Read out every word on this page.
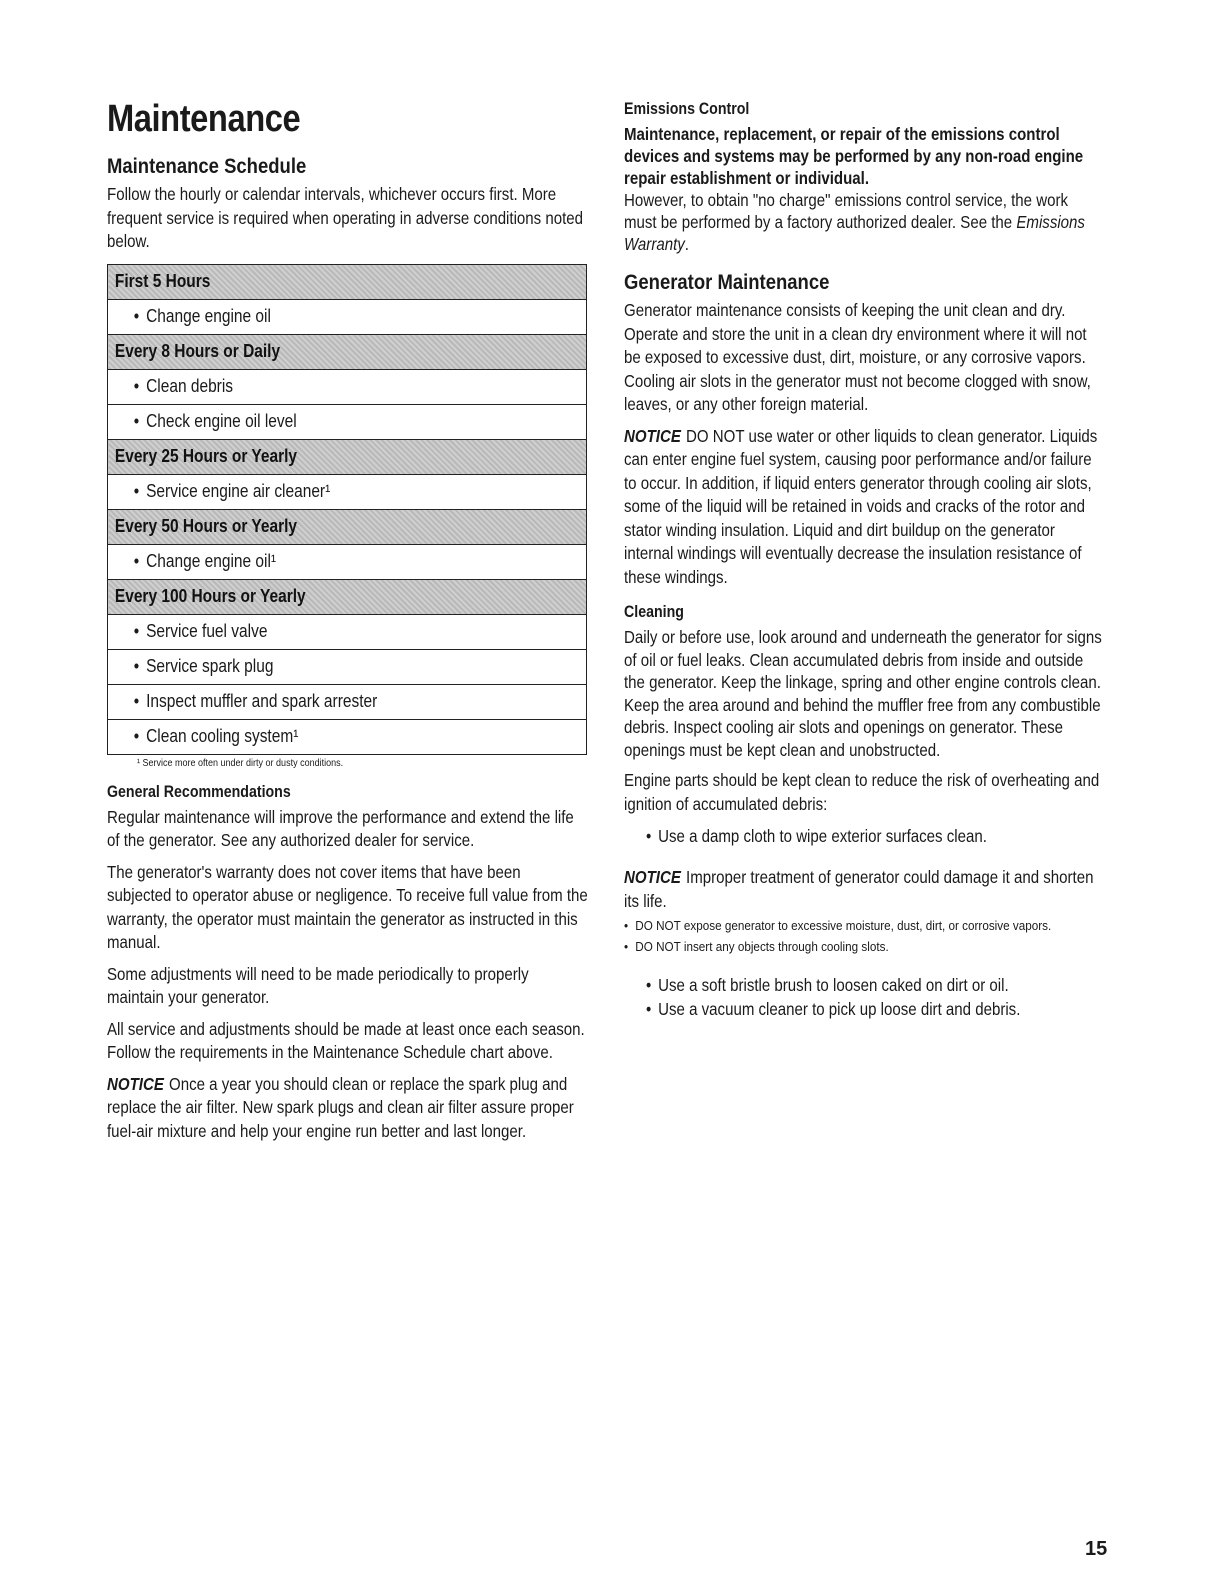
Maintenance
Maintenance Schedule

Follow the hourly or calendar intervals, whichever occurs first. More frequent service is required when operating in adverse conditions noted below.

First 5 Hours
• Change engine oil
Every 8 Hours or Daily
• Clean debris
• Check engine oil level
Every 25 Hours or Yearly
• Service engine air cleaner¹
Every 50 Hours or Yearly
• Change engine oil¹
Every 100 Hours or Yearly
• Service fuel valve
• Service spark plug
• Inspect muffler and spark arrester
• Clean cooling system¹
¹ Service more often under dirty or dusty conditions.
General Recommendations

Regular maintenance will improve the performance and extend the life of the generator. See any authorized dealer for service.

The generator's warranty does not cover items that have been subjected to operator abuse or negligence. To receive full value from the warranty, the operator must maintain the generator as instructed in this manual.

Some adjustments will need to be made periodically to properly maintain your generator.

All service and adjustments should be made at least once each season. Follow the requirements in the Maintenance Schedule chart above.

NOTICE Once a year you should clean or replace the spark plug and replace the air filter. New spark plugs and clean air filter assure proper fuel-air mixture and help your engine run better and last longer.

Emissions Control

Maintenance, replacement, or repair of the emissions control devices and systems may be performed by any non-road engine repair establishment or individual.

However, to obtain "no charge" emissions control service, the work must be performed by a factory authorized dealer. See the Emissions Warranty.

Generator Maintenance

Generator maintenance consists of keeping the unit clean and dry. Operate and store the unit in a clean dry environment where it will not be exposed to excessive dust, dirt, moisture, or any corrosive vapors. Cooling air slots in the generator must not become clogged with snow, leaves, or any other foreign material.

NOTICE DO NOT use water or other liquids to clean generator. Liquids can enter engine fuel system, causing poor performance and/or failure to occur. In addition, if liquid enters generator through cooling air slots, some of the liquid will be retained in voids and cracks of the rotor and stator winding insulation. Liquid and dirt buildup on the generator internal windings will eventually decrease the insulation resistance of these windings.

Cleaning

Daily or before use, look around and underneath the generator for signs of oil or fuel leaks. Clean accumulated debris from inside and outside the generator. Keep the linkage, spring and other engine controls clean. Keep the area around and behind the muffler free from any combustible debris. Inspect cooling air slots and openings on generator. These openings must be kept clean and unobstructed.

Engine parts should be kept clean to reduce the risk of overheating and ignition of accumulated debris:

• Use a damp cloth to wipe exterior surfaces clean.

NOTICE Improper treatment of generator could damage it and shorten its life.

• DO NOT expose generator to excessive moisture, dust, dirt, or corrosive vapors.
• DO NOT insert any objects through cooling slots.
• Use a soft bristle brush to loosen caked on dirt or oil.
• Use a vacuum cleaner to pick up loose dirt and debris.
15
